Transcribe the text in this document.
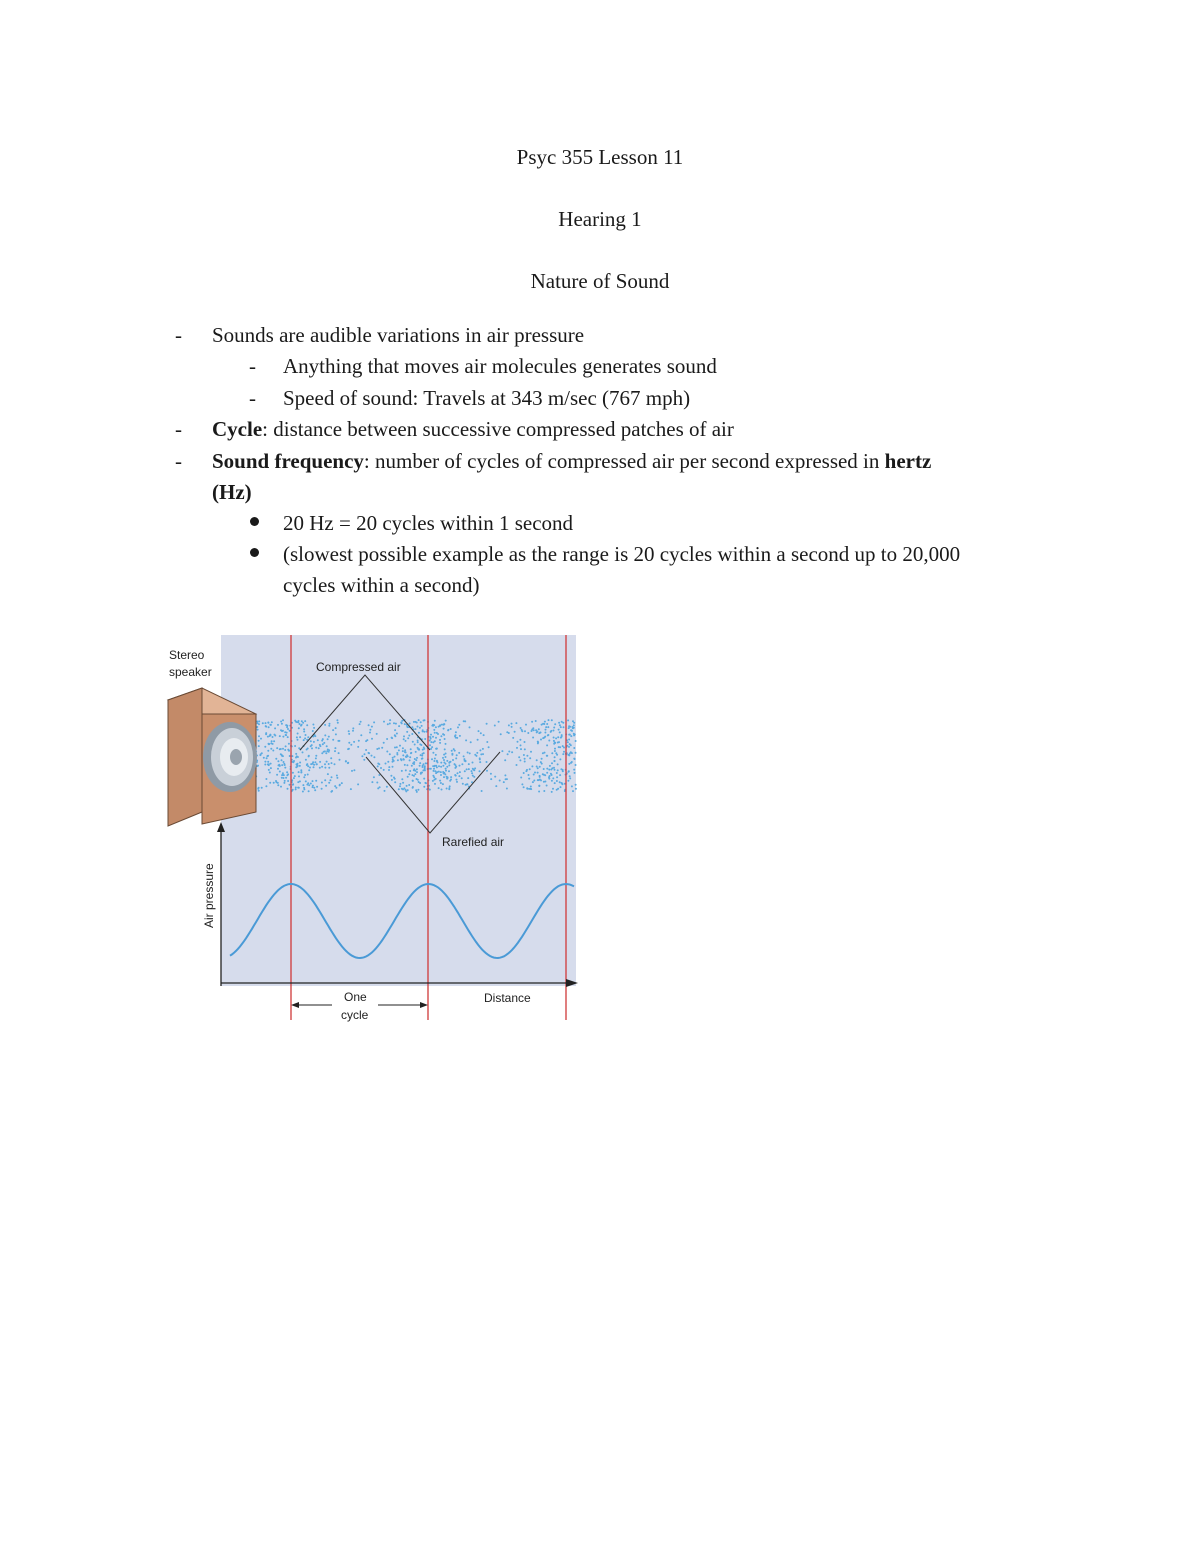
Psyc 355 Lesson 11
Hearing 1
Nature of Sound
- Sounds are audible variations in air pressure
- Anything that moves air molecules generates sound
- Speed of sound: Travels at 343 m/sec (767 mph)
- Cycle: distance between successive compressed patches of air
- Sound frequency: number of cycles of compressed air per second expressed in hertz
(Hz)
20 Hz = 20 cycles within 1 second
(slowest possible example as the range is 20 cycles within a second up to 20,000
cycles within a second)
Stereo
speaker	Compressed air
Rarefied air
Air pressure
One
cycle
Distance
